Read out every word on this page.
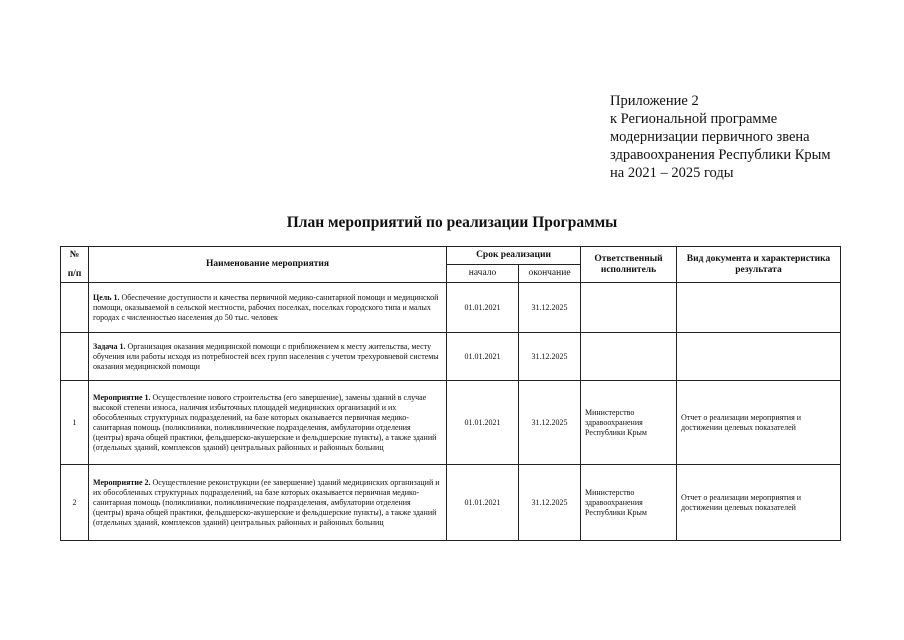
Приложение 2
к Региональной программе
модернизации первичного звена
здравоохранения Республики Крым
на 2021 – 2025 годы
План мероприятий по реализации Программы
№
п/п	Наименование мероприятия	Срок реализации		Ответственный исполнитель	Вид документа и характеристика результата
		начало	окончание		
	Цель 1. Обеспечение доступности и качества первичной медико-санитарной помощи и медицинской помощи, оказываемой в сельской местности, рабочих поселках, поселках городского типа и малых городах с численностью населения до 50 тыс. человек	01.01.2021	31.12.2025		
	Задача 1. Организация оказания медицинской помощи с приближением к месту жительства, месту обучения или работы исходя из потребностей всех групп населения с учетом трехуровневой системы оказания медицинской помощи	01.01.2021	31.12.2025		
1	Мероприятие 1. Осуществление нового строительства (его завершение), замены зданий в случае высокой степени износа, наличия избыточных площадей медицинских организаций и их обособленных структурных подразделений, на базе которых оказывается первичная медико-санитарная помощь (поликлиники, поликлинические подразделения, амбулатории отделения (центры) врача общей практики, фельдшерско-акушерские и фельдшерские пункты), а также зданий (отдельных зданий, комплексов зданий) центральных районных и районных больниц	01.01.2021	31.12.2025	Министерство здравоохранения Республики Крым	Отчет о реализации мероприятия и достижении целевых показателей
2	Мероприятие 2. Осуществление реконструкции (ее завершение) зданий медицинских организаций и их обособленных структурных подразделений, на базе которых оказывается первичная медико-санитарная помощь (поликлиники, поликлинические подразделения, амбулатории отделения (центры) врача общей практики, фельдшерско-акушерские и фельдшерские пункты), а также зданий (отдельных зданий, комплексов зданий) центральных районных и районных больниц	01.01.2021	31.12.2025	Министерство здравоохранения Республики Крым	Отчет о реализации мероприятия и достижении целевых показателей
